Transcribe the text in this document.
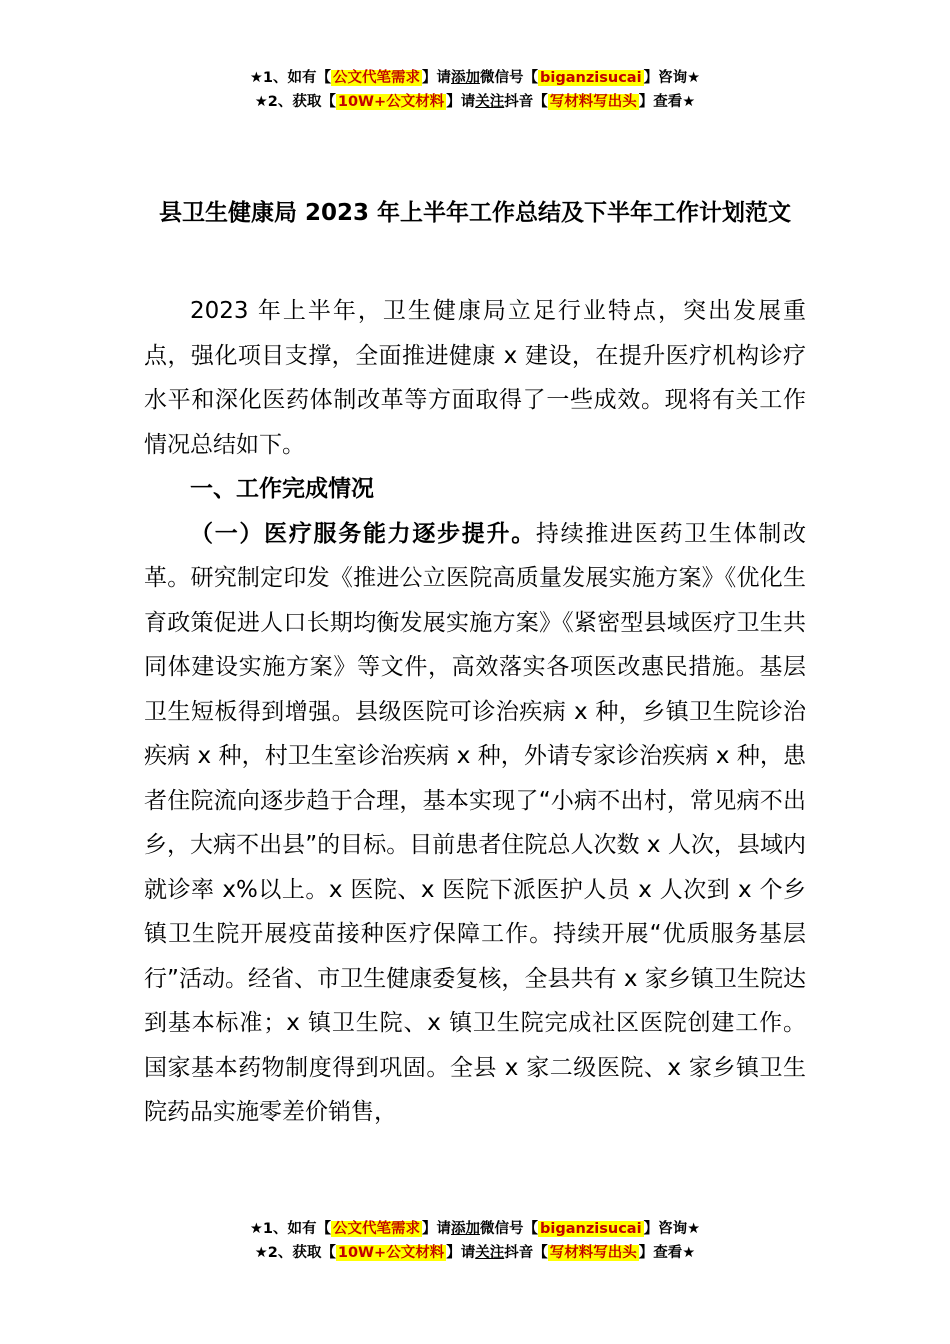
★1、如有【 公文代笔需求 】请添加微信号【 biganzisucai 】咨询★
★2、获取【 10W+公文材料 】请关注抖音【 写材料写出头 】查看★
县卫生健康局 2023 年上半年工作总结及下半年工作计划范文

2023 年上半年，卫生健康局立足行业特点，突出发展重点，强化项目支撑，全面推进健康 x 建设，在提升医疗机构诊疗水平和深化医药体制改革等方面取得了一些成效。现将有关工作情况总结如下。

一、工作完成情况

（一）医疗服务能力逐步提升。持续推进医药卫生体制改革。研究制定印发《推进公立医院高质量发展实施方案》《优化生育政策促进人口长期均衡发展实施方案》《紧密型县域医疗卫生共同体建设实施方案》等文件，高效落实各项医改惠民措施。基层卫生短板得到增强。县级医院可诊治疾病 x 种，乡镇卫生院诊治疾病 x 种，村卫生室诊治疾病 x 种，外请专家诊治疾病 x 种，患者住院流向逐步趋于合理，基本实现了“小病不出村，常见病不出乡，大病不出县”的目标。目前患者住院总人次数 x 人次，县域内就诊率 x%以上。x 医院、x 医院下派医护人员 x 人次到 x 个乡镇卫生院开展疫苗接种医疗保障工作。持续开展“优质服务基层行”活动。经省、市卫生健康委复核，全县共有 x 家乡镇卫生院达到基本标准；x 镇卫生院、x 镇卫生院完成社区医院创建工作。国家基本药物制度得到巩固。全县 x 家二级医院、x 家乡镇卫生院药品实施零差价销售，

★1、如有【 公文代笔需求 】请添加微信号【 biganzisucai 】咨询★
★2、获取【 10W+公文材料 】请关注抖音【 写材料写出头 】查看★
